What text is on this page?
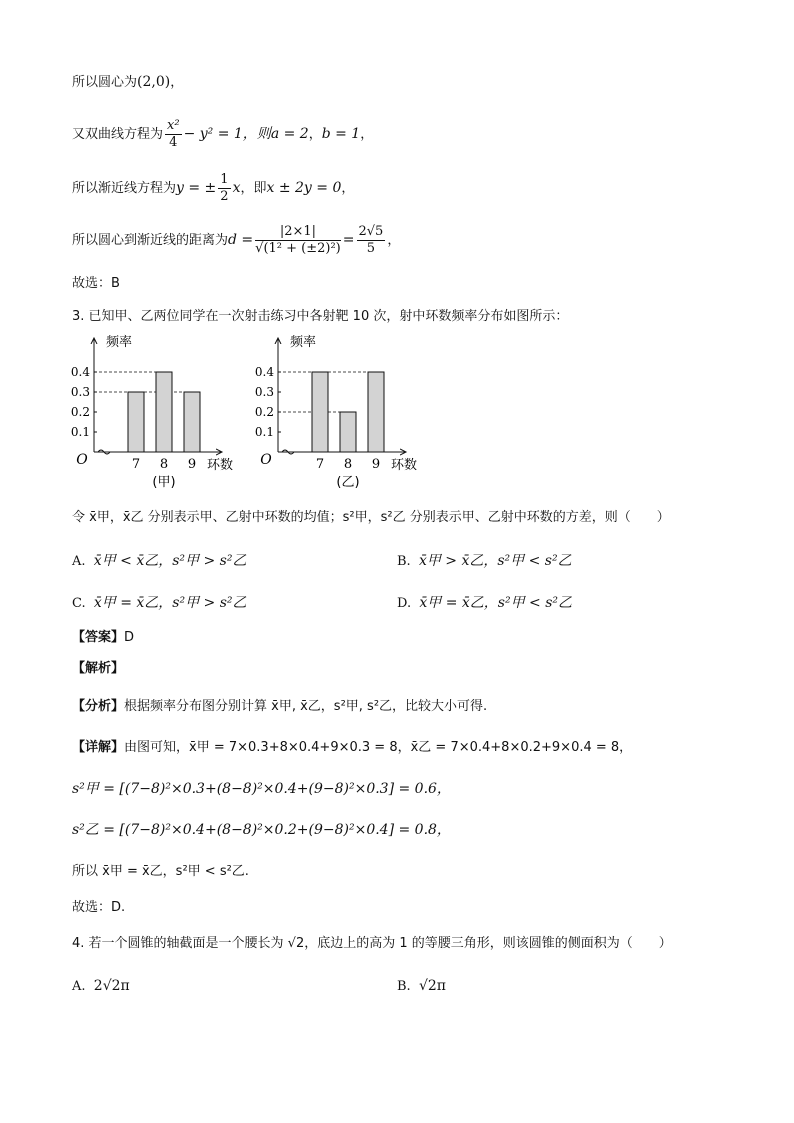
所以圆心为(2,0)，
又双曲线方程为 $\frac{\text{x²}}{4} - y^2 = 1$，则a = 2，b = 1，
所以渐近线方程为y = ± $\frac{1}{2}$ x，即x ± 2y = 0，
所以圆心到渐近线的距离为$d = \frac{|2\times 1|}{\text{√(1² + (±2)²)}} = \frac{2√5}{5}$ ，
故选：B
3. 已知甲、乙两位同学在一次射击练习中各射靶 10 次，射中环数频率分布如图所示：
0.1
0.2
0.3
0.4
7 8 9
O
频率
环数
(甲)
0.1
0.2
0.3
0.4
7 8 9
O
频率
环数
(乙)
令 x̄甲，x̄乙 分别表示甲、乙射中环数的均值；s²甲，s²乙 分别表示甲、乙射中环数的方差，则（　　）
A. x̄甲 < x̄乙，s²甲 > s²乙	B. x̄甲 > x̄乙，s²甲 < s²乙
C. x̄甲 = x̄乙，s²甲 > s²乙	D. x̄甲 = x̄乙，s²甲 < s²乙
【答案】D
【解析】
【分析】根据频率分布图分别计算 x̄甲, x̄乙，s²甲, s²乙，比较大小可得.
【详解】由图可知，x̄甲 = 7×0.3+8×0.4+9×0.3 = 8，x̄乙 = 7×0.4+8×0.2+9×0.4 = 8，
s²甲 = [(7−8)²×0.3+(8−8)²×0.4+(9−8)²×0.3] = 0.6，
s²乙 = [(7−8)²×0.4+(8−8)²×0.2+(9−8)²×0.4] = 0.8，
所以 x̄甲 = x̄乙，s²甲 < s²乙.
故选：D.
4. 若一个圆锥的轴截面是一个腰长为 √2，底边上的高为 1 的等腰三角形，则该圆锥的侧面积为（　　）
A. 2√2π	B. √2π
